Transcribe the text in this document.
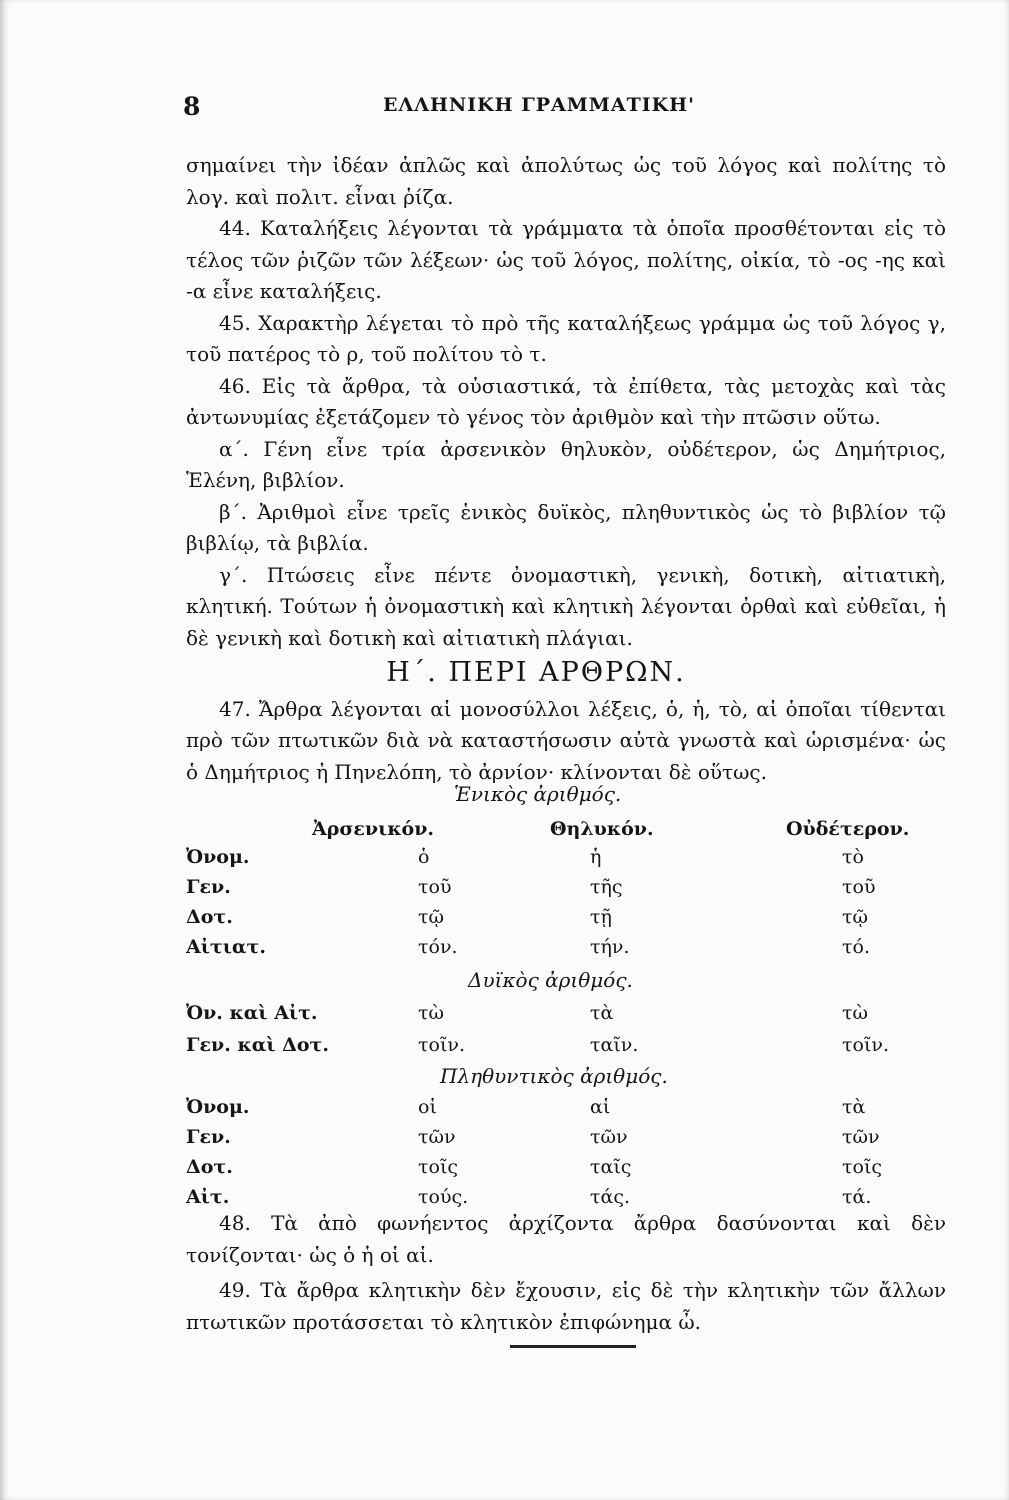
8	ΕΛΛΗΝΙΚΗ ΓΡΑΜΜΑΤΙΚΗ'

σημαίνει τὴν ἰδέαν ἁπλῶς καὶ ἀπολύτως ὡς τοῦ λόγος καὶ πολίτης τὸ λογ. καὶ πολιτ. εἶναι ῥίζα.

44. Καταλήξεις λέγονται τὰ γράμματα τὰ ὁποῖα προσθέτονται εἰς τὸ τέλος τῶν ῥιζῶν τῶν λέξεων· ὡς τοῦ λόγος, πολίτης, οἰκία, τὸ -ος -ης καὶ -α εἶνε καταλήξεις.

45. Χαρακτὴρ λέγεται τὸ πρὸ τῆς καταλήξεως γράμμα ὡς τοῦ λόγος γ, τοῦ πατέρος τὸ ρ, τοῦ πολίτου τὸ τ.

46. Εἰς τὰ ἄρθρα, τὰ οὐσιαστικά, τὰ ἐπίθετα, τὰς μετοχὰς καὶ τὰς ἀντωνυμίας ἐξετάζομεν τὸ γένος τὸν ἀριθμὸν καὶ τὴν πτῶσιν οὕτω.

α΄. Γένη εἶνε τρία ἀρσενικὸν θηλυκὸν, οὐδέτερον, ὡς Δημήτριος, Ἑλένη, βιβλίον.

β΄. Ἀριθμοὶ εἶνε τρεῖς ἑνικὸς δυϊκὸς, πληθυντικὸς ὡς τὸ βιβλίον τῷ βιβλίῳ, τὰ βιβλία.

γ΄. Πτώσεις εἶνε πέντε ὀνομαστικὴ, γενικὴ, δοτικὴ, αἰτιατικὴ, κλητική. Τούτων ἡ ὀνομαστικὴ καὶ κλητικὴ λέγονται ὀρθαὶ καὶ εὐθεῖαι, ἡ δὲ γενικὴ καὶ δοτικὴ καὶ αἰτιατικὴ πλάγιαι.

Η΄. ΠΕΡΙ ΑΡΘΡΩΝ.

47. Ἄρθρα λέγονται αἱ μονοσύλλοι λέξεις, ὁ, ἡ, τὸ, αἱ ὁποῖαι τίθενται πρὸ τῶν πτωτικῶν διὰ νὰ καταστήσωσιν αὐτὰ γνωστὰ καὶ ὡρισμένα· ὡς ὁ Δημήτριος ἡ Πηνελόπη, τὸ ἀρνίον· κλίνονται δὲ οὕτως.

Ἑνικὸς ἀριθμός.
Ἀρσενικόν.	Θηλυκόν.	Οὐδέτερον.
Ὀνομ.	ὁ	ἡ	τὸ
Γεν.	τοῦ	τῆς	τοῦ
Δοτ.	τῷ	τῇ	τῷ
Αἰτιατ.	τόν.	τήν.	τό.
Δυϊκὸς ἀριθμός.
Ὀν. καὶ Αἰτ.	τὼ	τὰ	τὼ
Γεν. καὶ Δοτ.	τοῖν.	ταῖν.	τοῖν.
Πληθυντικὸς ἀριθμός.
Ὀνομ.	οἱ	αἱ	τὰ
Γεν.	τῶν	τῶν	τῶν
Δοτ.	τοῖς	ταῖς	τοῖς
Αἰτ.	τούς.	τάς.	τά.

48. Τὰ ἀπὸ φωνήεντος ἀρχίζοντα ἄρθρα δασύνονται καὶ δὲν τονίζονται· ὡς ὁ ἡ οἱ αἱ.

49. Τὰ ἄρθρα κλητικὴν δὲν ἔχουσιν, εἰς δὲ τὴν κλητικὴν τῶν ἄλλων πτωτικῶν προτάσσεται τὸ κλητικὸν ἐπιφώνημα ὦ.
